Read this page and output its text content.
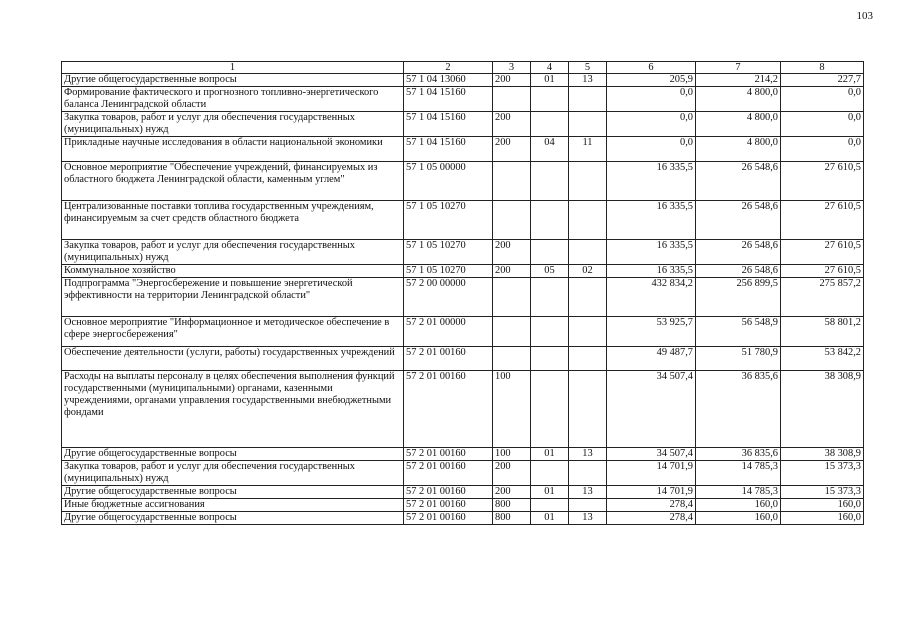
103
1	2	3	4	5	6	7	8
Другие общегосударственные вопросы	57 1 04 13060	200	01	13	205,9	214,2	227,7
Формирование фактического и прогнозного топливно-энергетического баланса Ленинградской области	57 1 04 15160				0,0	4 800,0	0,0
Закупка товаров, работ и услуг для обеспечения государственных (муниципальных) нужд	57 1 04 15160	200			0,0	4 800,0	0,0
Прикладные научные исследования в области национальной экономики	57 1 04 15160	200	04	11	0,0	4 800,0	0,0
Основное мероприятие "Обеспечение учреждений, финансируемых из областного бюджета Ленинградской области, каменным углем"	57 1 05 00000				16 335,5	26 548,6	27 610,5
Централизованные поставки топлива государственным учреждениям, финансируемым за счет средств областного бюджета	57 1 05 10270				16 335,5	26 548,6	27 610,5
Закупка товаров, работ и услуг для обеспечения государственных (муниципальных) нужд	57 1 05 10270	200			16 335,5	26 548,6	27 610,5
Коммунальное хозяйство	57 1 05 10270	200	05	02	16 335,5	26 548,6	27 610,5
Подпрограмма "Энергосбережение и повышение энергетической эффективности на территории Ленинградской области"	57 2 00 00000				432 834,2	256 899,5	275 857,2
Основное мероприятие "Информационное и методическое обеспечение в сфере энергосбережения"	57 2 01 00000				53 925,7	56 548,9	58 801,2
Обеспечение деятельности (услуги, работы) государственных учреждений	57 2 01 00160				49 487,7	51 780,9	53 842,2
Расходы на выплаты персоналу в целях обеспечения выполнения функций государственными (муниципальными) органами, казенными учреждениями, органами управления государственными внебюджетными фондами	57 2 01 00160	100			34 507,4	36 835,6	38 308,9
Другие общегосударственные вопросы	57 2 01 00160	100	01	13	34 507,4	36 835,6	38 308,9
Закупка товаров, работ и услуг для обеспечения государственных (муниципальных) нужд	57 2 01 00160	200			14 701,9	14 785,3	15 373,3
Другие общегосударственные вопросы	57 2 01 00160	200	01	13	14 701,9	14 785,3	15 373,3
Иные бюджетные ассигнования	57 2 01 00160	800			278,4	160,0	160,0
Другие общегосударственные вопросы	57 2 01 00160	800	01	13	278,4	160,0	160,0
